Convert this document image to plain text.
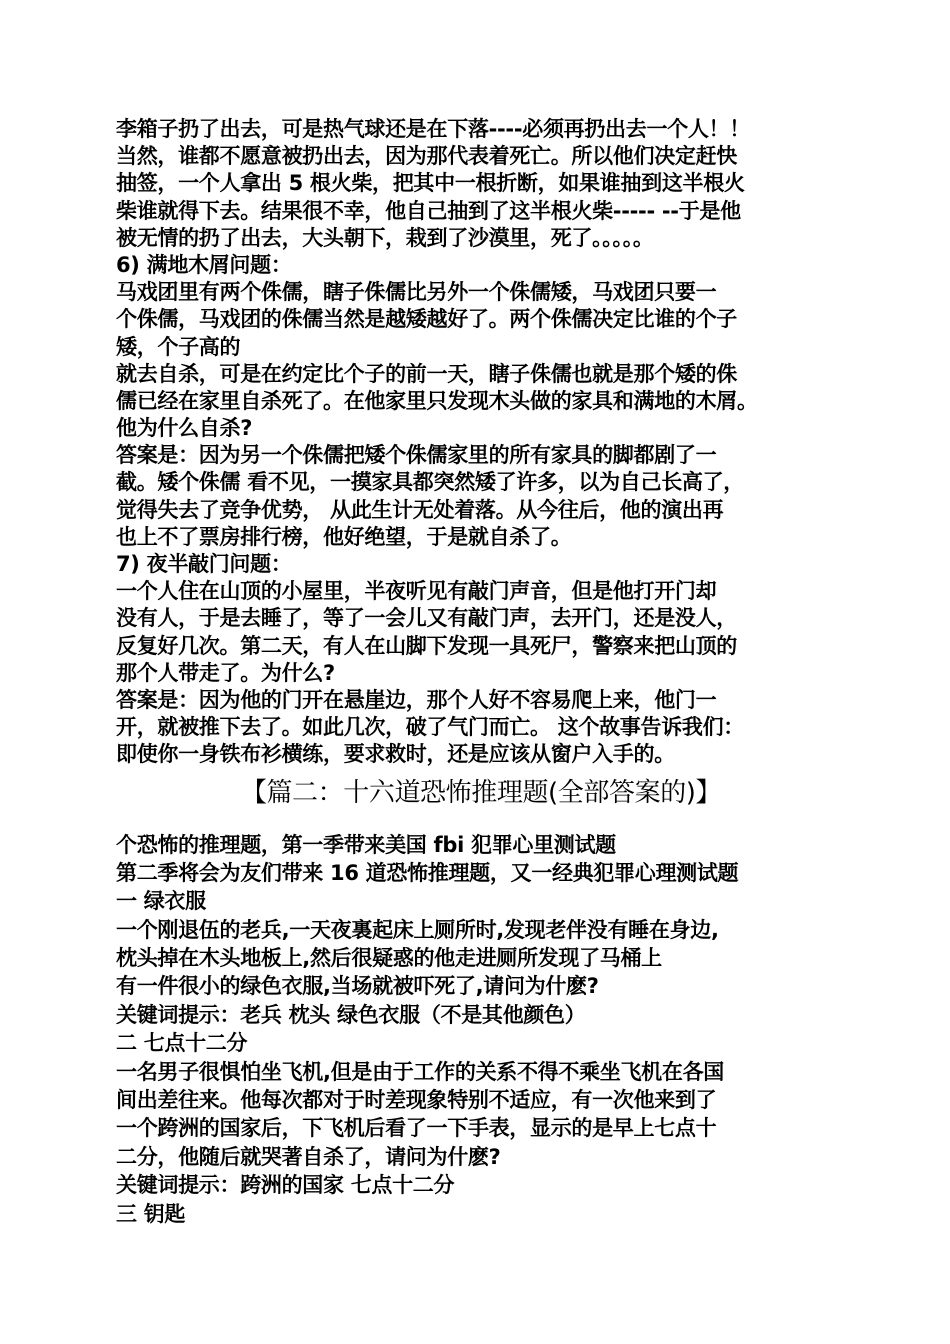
李箱子扔了出去，可是热气球还是在下落----必须再扔出去一个人！！
当然，谁都不愿意被扔出去，因为那代表着死亡。所以他们决定赶快
抽签，一个人拿出 5 根火柴，把其中一根折断，如果谁抽到这半根火
柴谁就得下去。结果很不幸，他自己抽到了这半根火柴----- --于是他
被无情的扔了出去，大头朝下，栽到了沙漠里，死了。。。。。
6) 满地木屑问题：
马戏团里有两个侏儒，瞎子侏儒比另外一个侏儒矮，马戏团只要一
个侏儒，马戏团的侏儒当然是越矮越好了。两个侏儒决定比谁的个子
矮，个子高的
就去自杀，可是在约定比个子的前一天，瞎子侏儒也就是那个矮的侏
儒已经在家里自杀死了。在他家里只发现木头做的家具和满地的木屑。
他为什么自杀?
答案是：因为另一个侏儒把矮个侏儒家里的所有家具的脚都剧了一
截。矮个侏儒 看不见，一摸家具都突然矮了许多，以为自己长高了，
觉得失去了竞争优势， 从此生计无处着落。从今往后，他的演出再
也上不了票房排行榜，他好绝望，于是就自杀了。
7) 夜半敲门问题：
一个人住在山顶的小屋里，半夜听见有敲门声音，但是他打开门却
没有人，于是去睡了，等了一会儿又有敲门声，去开门，还是没人，
反复好几次。第二天，有人在山脚下发现一具死尸，警察来把山顶的
那个人带走了。为什么?
答案是：因为他的门开在悬崖边，那个人好不容易爬上来，他门一
开，就被推下去了。如此几次，破了气门而亡。 这个故事告诉我们：
即使你一身铁布衫横练，要求救时，还是应该从窗户入手的。
【篇二：十六道恐怖推理题(全部答案的)】
个恐怖的推理题，第一季带来美国 fbi 犯罪心里测试题
第二季将会为友们带来 16 道恐怖推理题，又一经典犯罪心理测试题
一 绿衣服
一个刚退伍的老兵,一天夜裏起床上厕所时,发现老伴没有睡在身边,
枕头掉在木头地板上,然后很疑惑的他走进厕所发现了马桶上
有一件很小的绿色衣服,当场就被吓死了,请问为什麽?
关键词提示：老兵 枕头 绿色衣服（不是其他颜色）
二 七点十二分
一名男子很惧怕坐飞机,但是由于工作的关系不得不乘坐飞机在各国
间出差往来。他每次都对于时差现象特别不适应，有一次他来到了
一个跨洲的国家后，下飞机后看了一下手表，显示的是早上七点十
二分，他随后就哭著自杀了，请问为什麽?
关键词提示：跨洲的国家 七点十二分
三 钥匙
